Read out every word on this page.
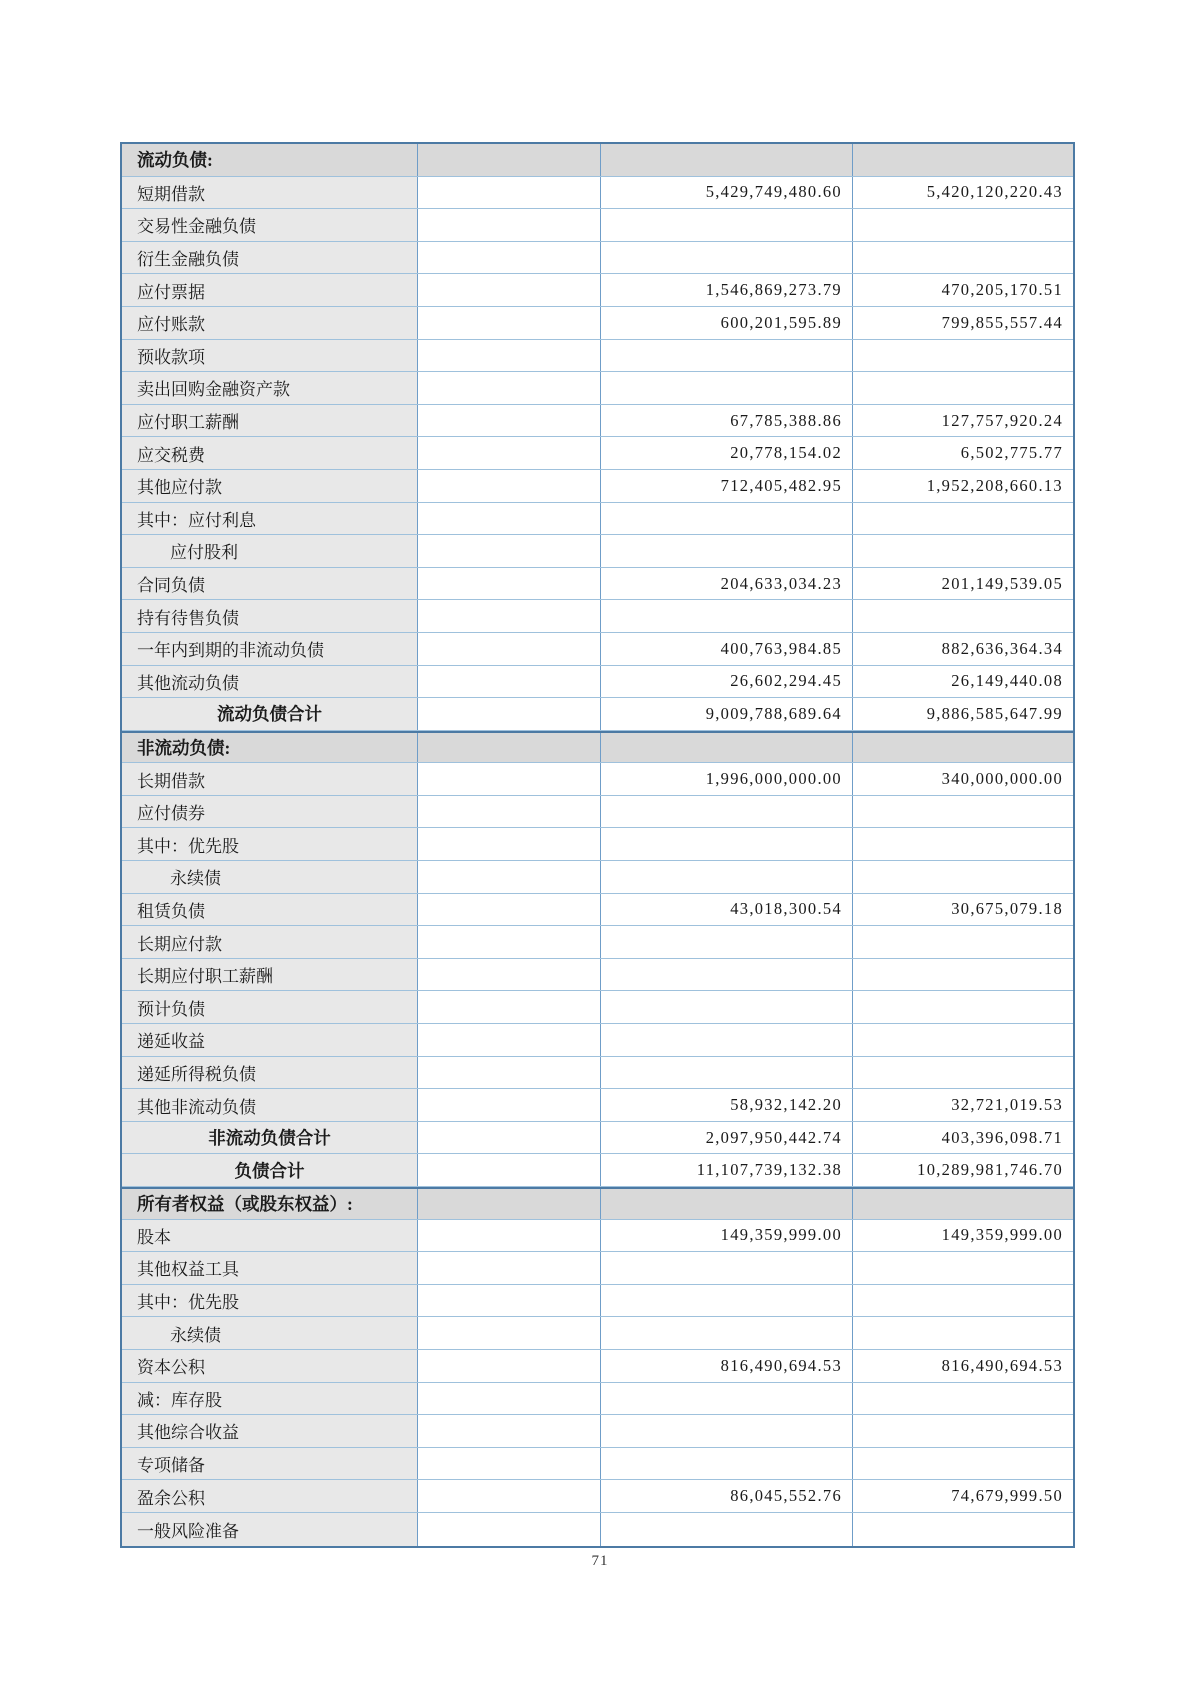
流动负债:
短期借款	5,429,749,480.60	5,420,120,220.43
交易性金融负债
衍生金融负债
应付票据	1,546,869,273.79	470,205,170.51
应付账款	600,201,595.89	799,855,557.44
预收款项
卖出回购金融资产款
应付职工薪酬	67,785,388.86	127,757,920.24
应交税费	20,778,154.02	6,502,775.77
其他应付款	712,405,482.95	1,952,208,660.13
其中：应付利息
应付股利
合同负债	204,633,034.23	201,149,539.05
持有待售负债
一年内到期的非流动负债	400,763,984.85	882,636,364.34
其他流动负债	26,602,294.45	26,149,440.08
流动负债合计	9,009,788,689.64	9,886,585,647.99
非流动负债:
长期借款	1,996,000,000.00	340,000,000.00
应付债券
其中：优先股
永续债
租赁负债	43,018,300.54	30,675,079.18
长期应付款
长期应付职工薪酬
预计负债
递延收益
递延所得税负债
其他非流动负债	58,932,142.20	32,721,019.53
非流动负债合计	2,097,950,442.74	403,396,098.71
负债合计	11,107,739,132.38	10,289,981,746.70
所有者权益（或股东权益）:
股本	149,359,999.00	149,359,999.00
其他权益工具
其中：优先股
永续债
资本公积	816,490,694.53	816,490,694.53
减：库存股
其他综合收益
专项储备
盈余公积	86,045,552.76	74,679,999.50
一般风险准备
71
